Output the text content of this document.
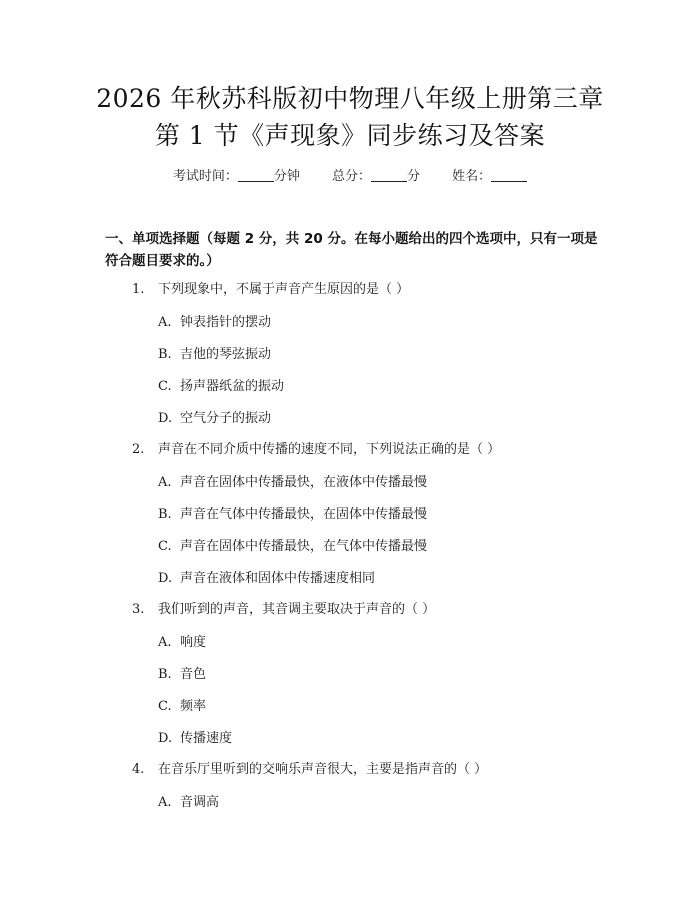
2026 年秋苏科版初中物理八年级上册第三章
第 1 节《声现象》同步练习及答案
考试时间：	分钟 总分：	分 姓名：
一、单项选择题（每题 2 分，共 20 分。在每小题给出的四个选项中，只有一项是
符合题目要求的。）
1. 下列现象中，不属于声音产生原因的是（ ）
A. 钟表指针的摆动
B. 吉他的琴弦振动
C. 扬声器纸盆的振动
D. 空气分子的振动
2. 声音在不同介质中传播的速度不同，下列说法正确的是（ ）
A. 声音在固体中传播最快，在液体中传播最慢
B. 声音在气体中传播最快，在固体中传播最慢
C. 声音在固体中传播最快，在气体中传播最慢
D. 声音在液体和固体中传播速度相同
3. 我们听到的声音，其音调主要取决于声音的（ ）
A. 响度
B. 音色
C. 频率
D. 传播速度
4. 在音乐厅里听到的交响乐声音很大，主要是指声音的（ ）
A. 音调高
